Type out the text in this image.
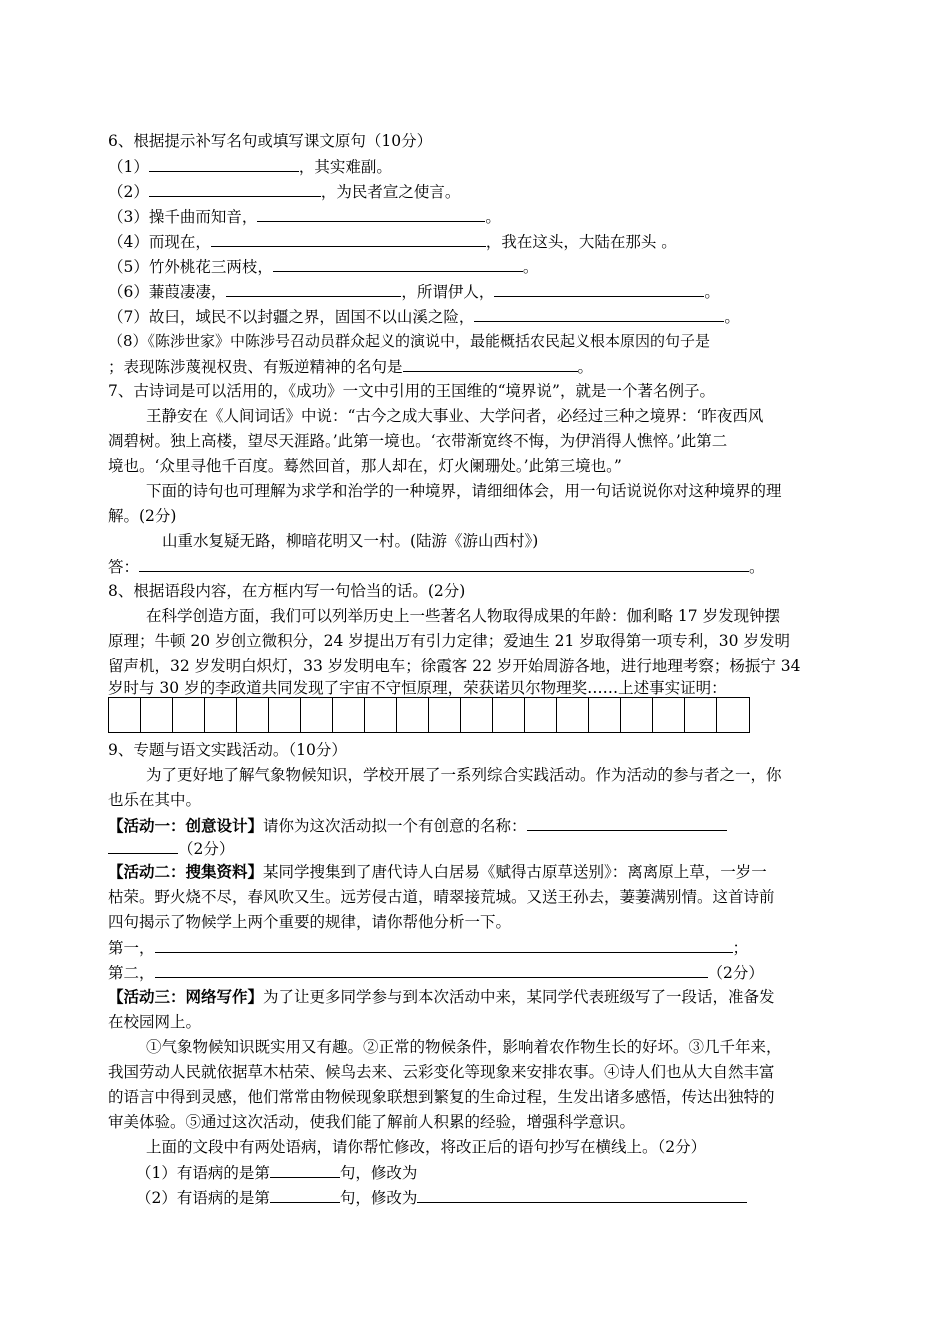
6、根据提示补写名句或填写课文原句（10分）
（1）	，其实难副。
（2）	，为民者宣之使言。
（3）操千曲而知音，	。
（4）而现在，	，我在这头，大陆在那头 。
（5）竹外桃花三两枝，	。
（6）蒹葭凄凄，	，所谓伊人，	。
（7）故曰，域民不以封疆之界，固国不以山溪之险，	。
（8）《陈涉世家》中陈涉号召动员群众起义的演说中，最能概括农民起义根本原因的句子是
；表现陈涉蔑视权贵、有叛逆精神的名句是	。
7、古诗词是可以活用的，《成功》一文中引用的王国维的“境界说”，就是一个著名例子。
王静安在《人间词话》中说：“古今之成大事业、大学问者，必经过三种之境界：‘昨夜西风
凋碧树。独上高楼，望尽天涯路。’此第一境也。‘衣带渐宽终不悔，为伊消得人憔悴。’此第二
境也。‘众里寻他千百度。蓦然回首，那人却在，灯火阑珊处。’此第三境也。”
下面的诗句也可理解为求学和治学的一种境界，请细细体会，用一句话说说你对这种境界的理
解。(2分)
山重水复疑无路，柳暗花明又一村。(陆游《游山西村》)
答：	。
8、根据语段内容，在方框内写一句恰当的话。(2分)
在科学创造方面，我们可以列举历史上一些著名人物取得成果的年龄：伽利略 17 岁发现钟摆
原理；牛顿 20 岁创立微积分，24 岁提出万有引力定律；爱迪生 21 岁取得第一项专利，30 岁发明
留声机，32 岁发明白炽灯，33 岁发明电车；徐霞客 22 岁开始周游各地，进行地理考察；杨振宁 34
岁时与 30 岁的李政道共同发现了宇宙不守恒原理，荣获诺贝尔物理奖……上述事实证明：
9、专题与语文实践活动。（10分）
为了更好地了解气象物候知识，学校开展了一系列综合实践活动。作为活动的参与者之一，你
也乐在其中。
【活动一：创意设计】请你为这次活动拟一个有创意的名称：
（2分）
【活动二：搜集资料】某同学搜集到了唐代诗人白居易《赋得古原草送别》：离离原上草，一岁一
枯荣。野火烧不尽，春风吹又生。远芳侵古道，晴翠接荒城。又送王孙去，萋萋满别情。这首诗前
四句揭示了物候学上两个重要的规律，请你帮他分析一下。
第一，	；
第二，	（2分）
【活动三：网络写作】为了让更多同学参与到本次活动中来，某同学代表班级写了一段话，准备发
在校园网上。
①气象物候知识既实用又有趣。②正常的物候条件，影响着农作物生长的好坏。③几千年来，
我国劳动人民就依据草木枯荣、候鸟去来、云彩变化等现象来安排农事。④诗人们也从大自然丰富
的语言中得到灵感，他们常常由物候现象联想到繁复的生命过程，生发出诸多感悟，传达出独特的
审美体验。⑤通过这次活动，使我们能了解前人积累的经验，增强科学意识。
上面的文段中有两处语病，请你帮忙修改，将改正后的语句抄写在横线上。（2分）
（1）有语病的是第	句，修改为
（2）有语病的是第	句，修改为
